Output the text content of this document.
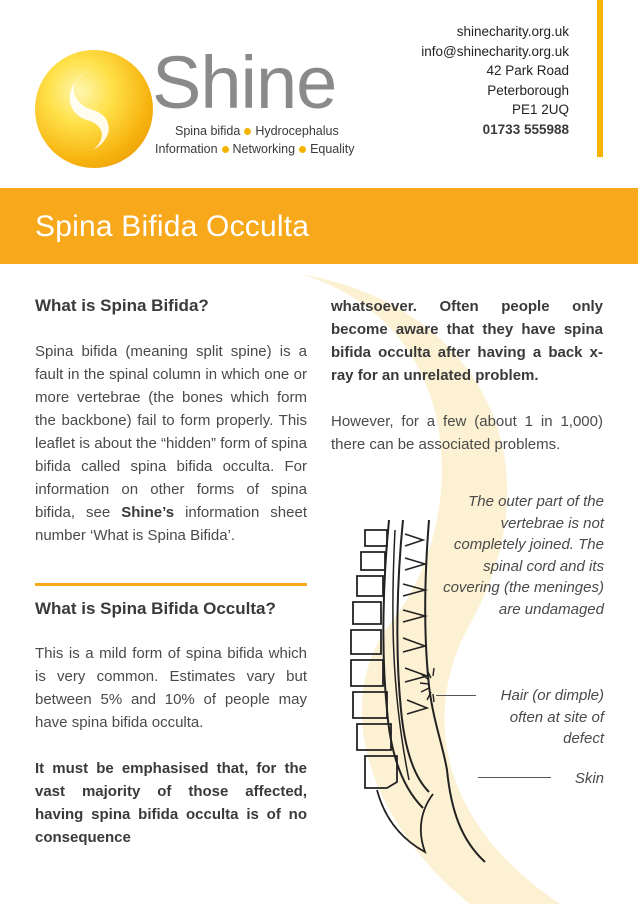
Shine
Spina bifida Hydrocephalus
Information Networking Equality
shinecharity.org.uk
info@shinecharity.org.uk
42 Park Road
Peterborough
PE1 2UQ
01733 555988
Spina Bifida Occulta
What is Spina Bifida?

Spina bifida (meaning split spine) is a fault in the spinal column in which one or more vertebrae (the bones which form the backbone) fail to form properly. This leaflet is about the “hidden” form of spina bifida called spina bifida occulta. For information on other forms of spina bifida, see Shine’s information sheet number ‘What is Spina Bifida’.

What is Spina Bifida Occulta?

This is a mild form of spina bifida which is very common. Estimates vary but between 5% and 10% of people may have spina bifida occulta.

It must be emphasised that, for the vast majority of those affected, having spina bifida occulta is of no consequence

whatsoever. Often people only become aware that they have spina bifida occulta after having a back x-ray for an unrelated problem.

However, for a few (about 1 in 1,000) there can be associated problems.

The outer part of the vertebrae is not completely joined. The spinal cord and its covering (the meninges) are undamaged
Hair (or dimple) often at site of defect
Skin
